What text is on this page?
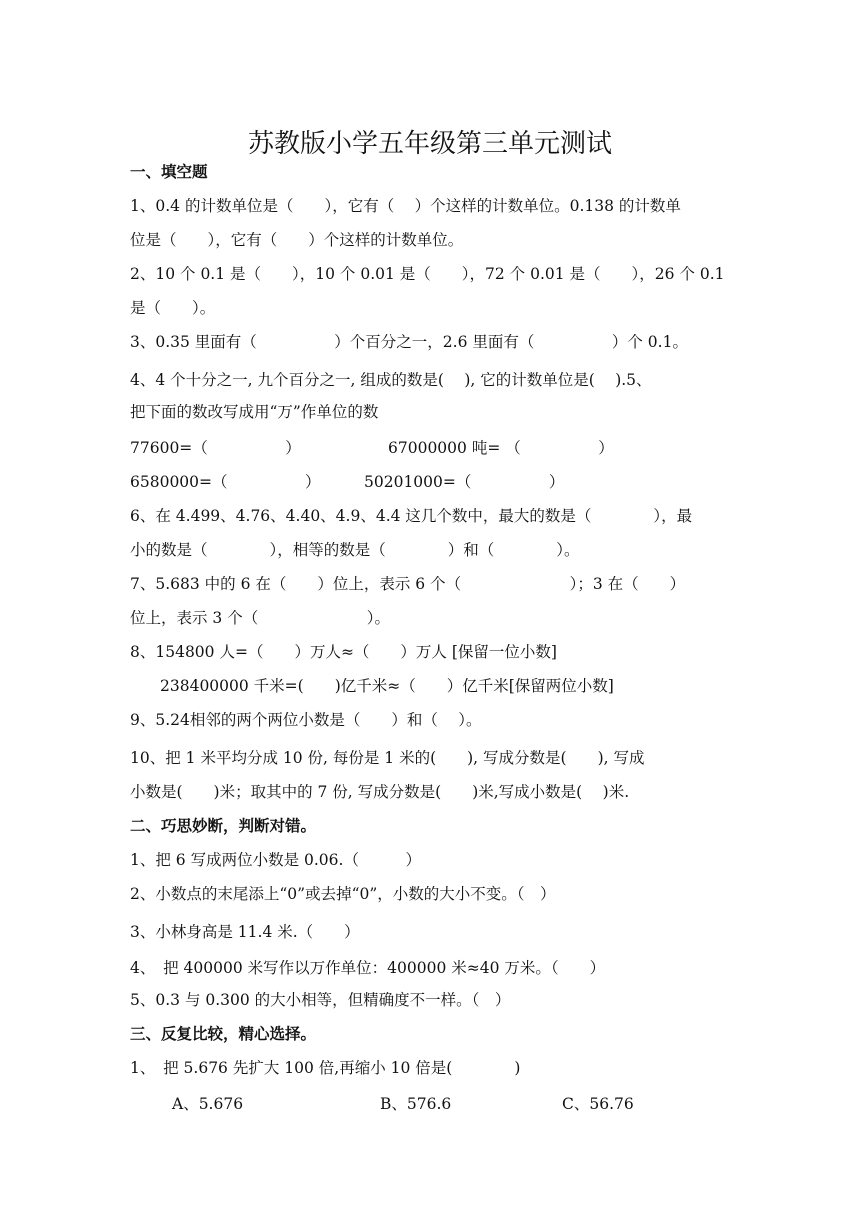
苏教版小学五年级第三单元测试
一、填空题
1、0.4 的计数单位是（　　），它有（　 ）个这样的计数单位。0.138 的计数单
位是（　　），它有（　　）个这样的计数单位。
2、10 个 0.1 是（　　），10 个 0.01 是（　　），72 个 0.01 是（　　），26 个 0.1
是（　　）。
3、0.35 里面有（　　　　　）个百分之一，2.6 里面有（　　　　　）个 0.1。
4、4 个十分之一, 九个百分之一, 组成的数是(　 ), 它的计数单位是(　 ).5、
把下面的数改写成用“万”作单位的数
77600=（　　　　　）	67000000 吨= （　　　　　）
6580000=（　　　　　）	50201000=（　　　　　）
6、在 4.499、4.76、4.40、4.9、4.4 这几个数中，最大的数是（　　　　），最
小的数是（　　　　），相等的数是（　　　　）和（　　　　）。
7、5.683 中的 6 在（　　）位上，表示 6 个（　　　　　　　）；3 在（　　）
位上，表示 3 个（　　　　　　　）。
8、154800 人=（　　）万人≈（　　）万人 [保留一位小数]
238400000 千米=(　　)亿千米≈（　　）亿千米[保留两位小数]
9、5.24相邻的两个两位小数是（　　）和（　 ）。
10、把 1 米平均分成 10 份, 每份是 1 米的(　　), 写成分数是(　　), 写成
小数是(　　)米；取其中的 7 份, 写成分数是(　　)米,写成小数是(　 )米.
二、巧思妙断，判断对错。
1、把 6 写成两位小数是 0.06.（　　　）
2、小数点的末尾添上“0”或去掉“0”，小数的大小不变。（　）
3、小林身高是 11.4 米.（　　）
4、　把 400000 米写作以万作单位：400000 米≈40 万米。（　　）
5、0.3 与 0.300 的大小相等，但精确度不一样。（　）
三、反复比较，精心选择。
1、　把 5.676 先扩大 100 倍,再缩小 10 倍是(　　　　)
A、5.676	B、576.6	C、56.76
